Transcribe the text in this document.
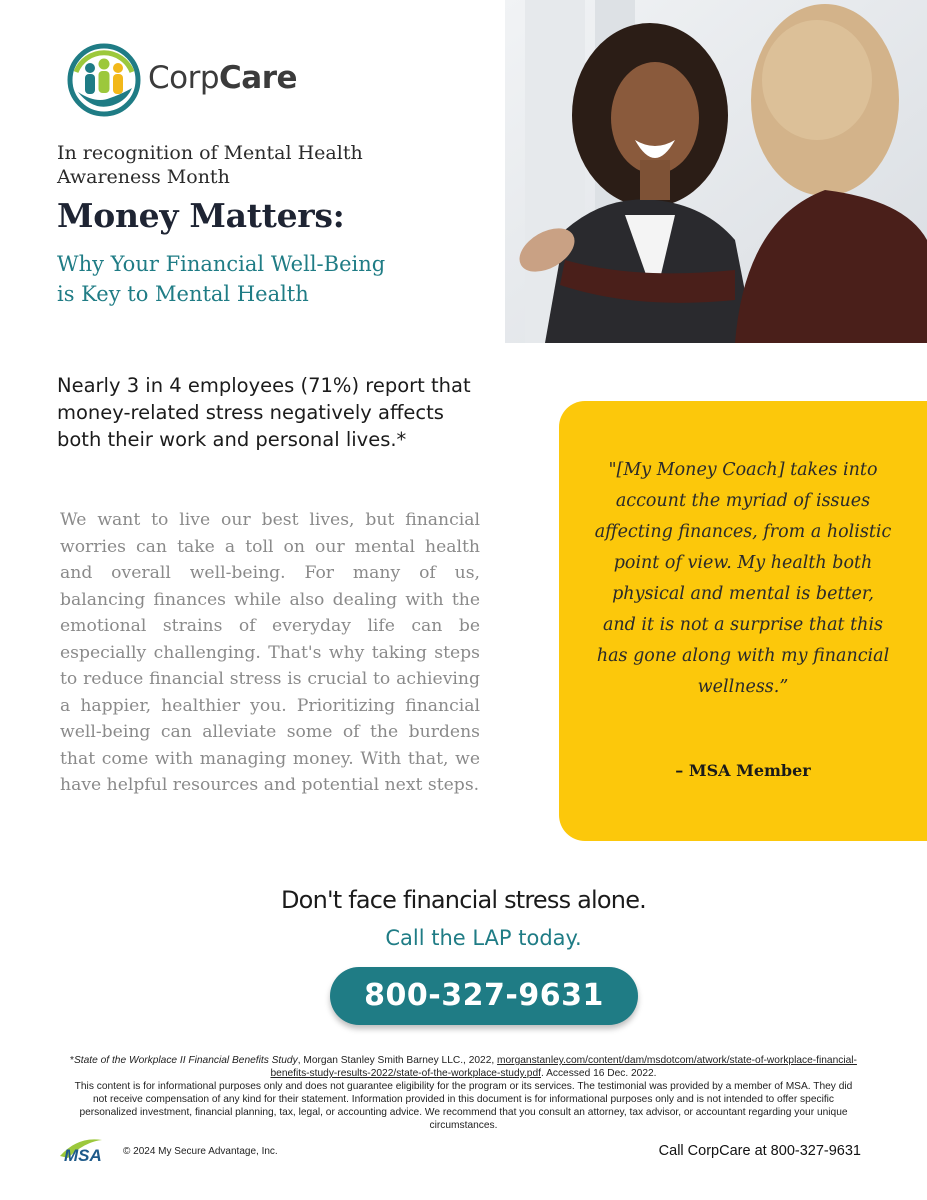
CorpCare
In recognition of Mental Health Awareness Month
Money Matters:
Why Your Financial Well-Being is Key to Mental Health
Nearly 3 in 4 employees (71%) report that money-related stress negatively affects both their work and personal lives.*
We want to live our best lives, but financial worries can take a toll on our mental health and overall well-being. For many of us, balancing finances while also dealing with the emotional strains of everyday life can be especially challenging. That's why taking steps to reduce financial stress is crucial to achieving a happier, healthier you. Prioritizing financial well-being can alleviate some of the burdens that come with managing money. With that, we have helpful resources and potential next steps.
"[My Money Coach] takes into account the myriad of issues affecting finances, from a holistic point of view. My health both physical and mental is better, and it is not a surprise that this has gone along with my financial wellness.”
– MSA Member
Don't face financial stress alone.
Call the LAP today.
800-327-9631
*State of the Workplace II Financial Benefits Study, Morgan Stanley Smith Barney LLC., 2022, morganstanley.com/content/dam/msdotcom/atwork/state-of-workplace-financial-benefits-study-results-2022/state-of-the-workplace-study.pdf. Accessed 16 Dec. 2022.
This content is for informational purposes only and does not guarantee eligibility for the program or its services. The testimonial was provided by a member of MSA. They did not receive compensation of any kind for their statement. Information provided in this document is for informational purposes only and is not intended to offer specific personalized investment, financial planning, tax, legal, or accounting advice. We recommend that you consult an attorney, tax advisor, or accountant regarding your unique circumstances.
MSA © 2024 My Secure Advantage, Inc.	Call CorpCare at 800-327-9631
